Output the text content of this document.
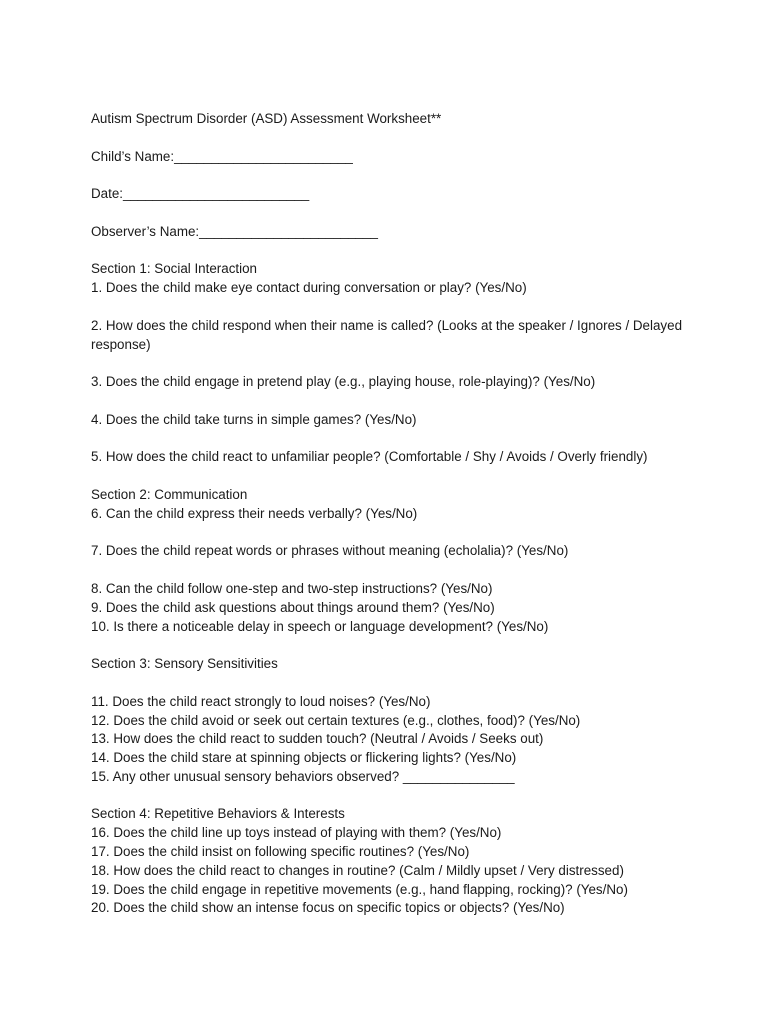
Autism Spectrum Disorder (ASD) Assessment Worksheet**
Child’s Name:________________________
Date:_________________________
Observer’s Name:________________________
Section 1: Social Interaction
1. Does the child make eye contact during conversation or play? (Yes/No)
2. How does the child respond when their name is called? (Looks at the speaker / Ignores / Delayed response)
3. Does the child engage in pretend play (e.g., playing house, role-playing)? (Yes/No)
4. Does the child take turns in simple games? (Yes/No)
5. How does the child react to unfamiliar people? (Comfortable / Shy / Avoids / Overly friendly)
Section 2: Communication
6. Can the child express their needs verbally? (Yes/No)
7. Does the child repeat words or phrases without meaning (echolalia)? (Yes/No)
8. Can the child follow one-step and two-step instructions? (Yes/No)
9. Does the child ask questions about things around them? (Yes/No)
10. Is there a noticeable delay in speech or language development? (Yes/No)
Section 3: Sensory Sensitivities
11. Does the child react strongly to loud noises? (Yes/No)
12. Does the child avoid or seek out certain textures (e.g., clothes, food)? (Yes/No)
13. How does the child react to sudden touch? (Neutral / Avoids / Seeks out)
14. Does the child stare at spinning objects or flickering lights? (Yes/No)
15. Any other unusual sensory behaviors observed? _______________
Section 4: Repetitive Behaviors & Interests
16. Does the child line up toys instead of playing with them? (Yes/No)
17. Does the child insist on following specific routines? (Yes/No)
18. How does the child react to changes in routine? (Calm / Mildly upset / Very distressed)
19. Does the child engage in repetitive movements (e.g., hand flapping, rocking)? (Yes/No)
20. Does the child show an intense focus on specific topics or objects? (Yes/No)
